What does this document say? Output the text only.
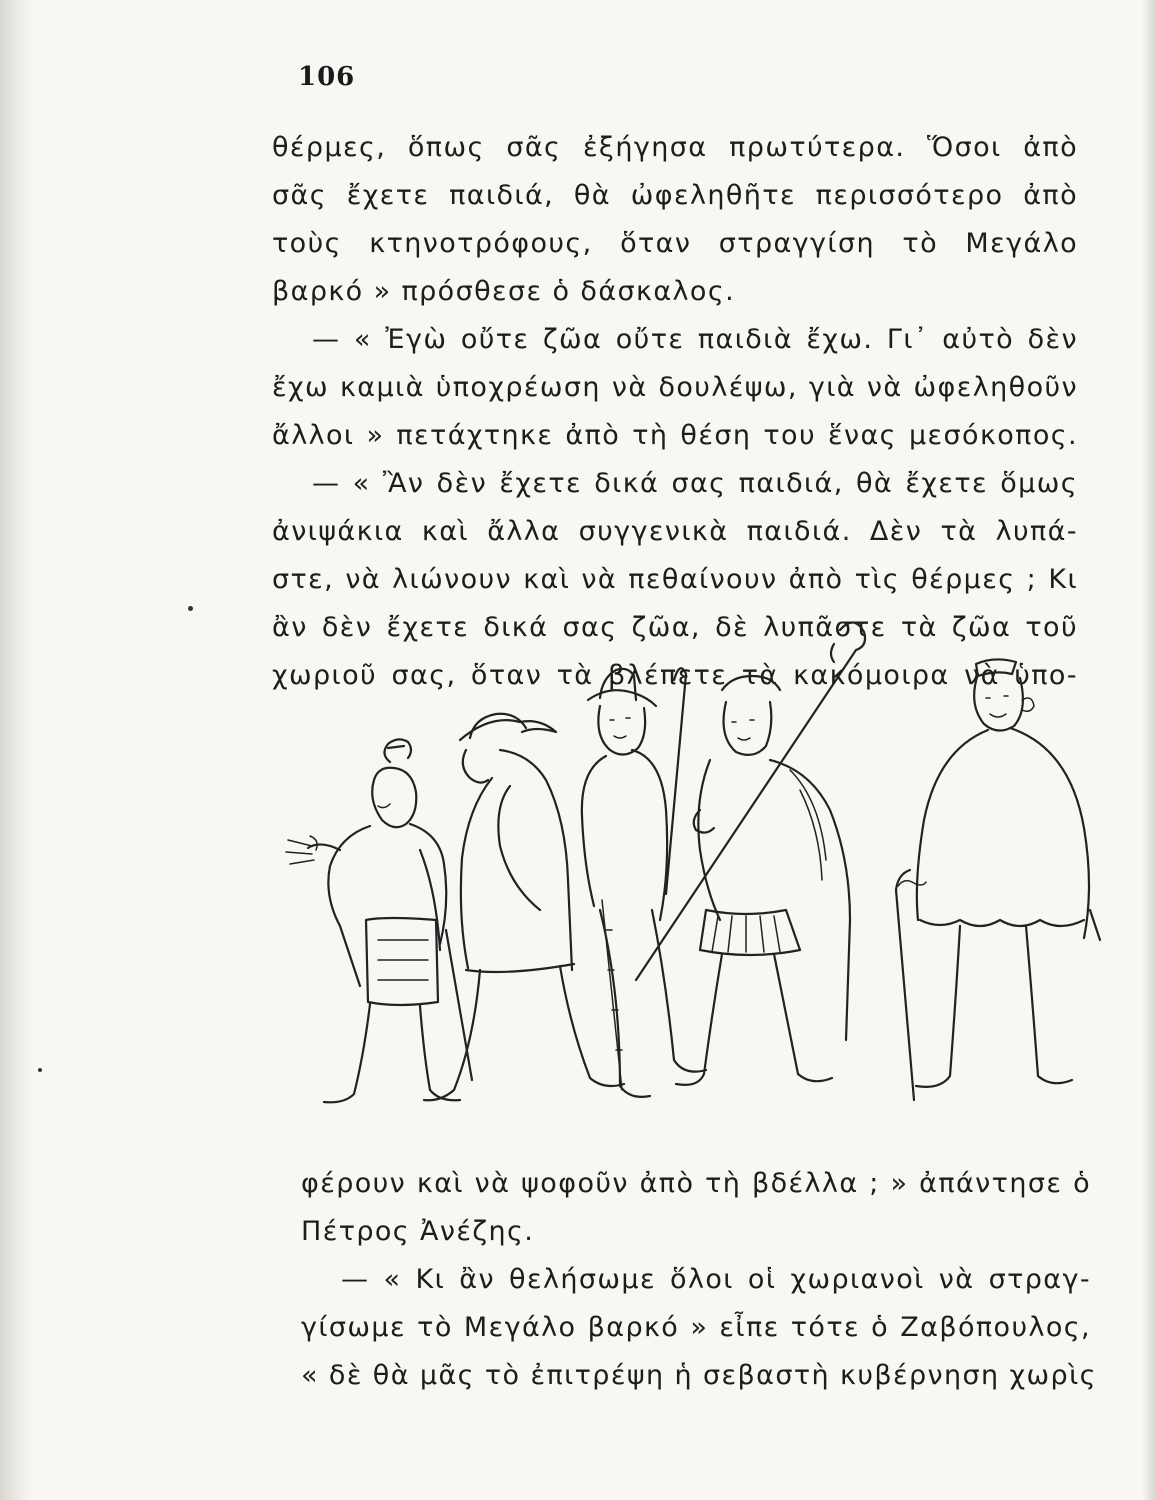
106
θέρμες, ὅπως σᾶς ἐξήγησα πρωτύτερα. Ὅσοι ἀπὸ
σᾶς ἔχετε παιδιά, θὰ ὠφεληθῆτε περισσότερο ἀπὸ
τοὺς κτηνοτρόφους, ὅταν στραγγίση τὸ Μεγάλο
βαρκό » πρόσθεσε ὁ δάσκαλος.
— « Ἐγὼ οὔτε ζῶα οὔτε παιδιὰ ἔχω. Γι᾽ αὐτὸ δὲν
ἔχω καμιὰ ὑποχρέωση νὰ δουλέψω, γιὰ νὰ ὠφεληθοῦν
ἄλλοι » πετάχτηκε ἀπὸ τὴ θέση του ἕνας μεσόκοπος.
— « Ἂν δὲν ἔχετε δικά σας παιδιά, θὰ ἔχετε ὅμως
ἀνιψάκια καὶ ἄλλα συγγενικὰ παιδιά. Δὲν τὰ λυπά-
στε, νὰ λιώνουν καὶ νὰ πεθαίνουν ἀπὸ τὶς θέρμες ; Κι
ἂν δὲν ἔχετε δικά σας ζῶα, δὲ λυπᾶστε τὰ ζῶα τοῦ
χωριοῦ σας, ὅταν τὰ βλέπετε τὰ κακόμοιρα νὰ ὑπο-
φέρουν καὶ νὰ ψοφοῦν ἀπὸ τὴ βδέλλα ; » ἀπάντησε ὁ
Πέτρος Ἀνέζης.
— « Κι ἂν θελήσωμε ὅλοι οἱ χωριανοὶ νὰ στραγ-
γίσωμε τὸ Μεγάλο βαρκό » εἶπε τότε ὁ Ζαβόπουλος,
« δὲ θὰ μᾶς τὸ ἐπιτρέψη ἡ σεβαστὴ κυβέρνηση χωρὶς
